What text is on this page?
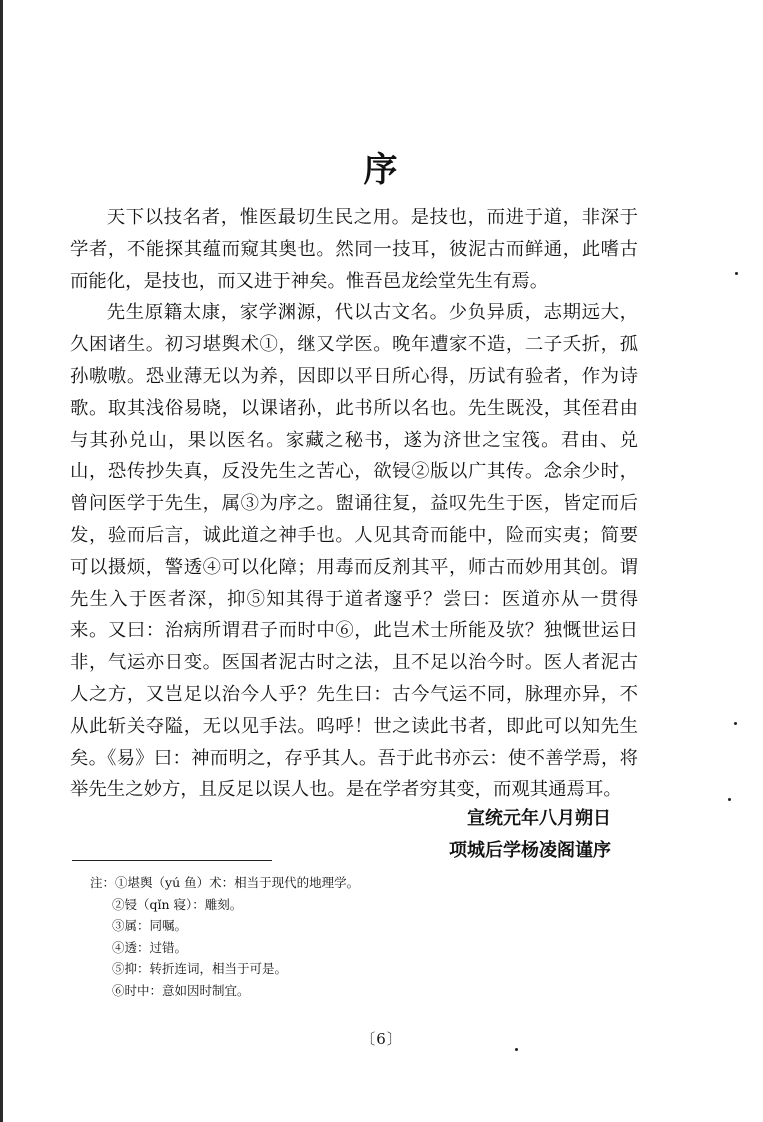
序

天下以技名者，惟医最切生民之用。是技也，而进于道，非深于学者，不能探其蕴而窥其奥也。然同一技耳，彼泥古而鲜通，此嗜古而能化，是技也，而又进于神矣。惟吾邑龙绘堂先生有焉。

先生原籍太康，家学渊源，代以古文名。少负异质，志期远大，久困诸生。初习堪舆术①，继又学医。晚年遭家不造，二子夭折，孤孙嗷嗷。恐业薄无以为养，因即以平日所心得，历试有验者，作为诗歌。取其浅俗易晓，以课诸孙，此书所以名也。先生既没，其侄君由与其孙兑山，果以医名。家藏之秘书，遂为济世之宝筏。君由、兑山，恐传抄失真，反没先生之苦心，欲锓②版以广其传。念余少时，曾问医学于先生，属③为序之。盥诵往复，益叹先生于医，皆定而后发，验而后言，诚此道之神手也。人见其奇而能中，险而实夷；简要可以摄烦，警透④可以化障；用毒而反剂其平，师古而妙用其创。谓先生入于医者深，抑⑤知其得于道者邃乎？尝曰：医道亦从一贯得来。又曰：治病所谓君子而时中⑥，此岂术士所能及欤？独慨世运日非，气运亦日变。医国者泥古时之法，且不足以治今时。医人者泥古人之方，又岂足以治今人乎？先生曰：古今气运不同，脉理亦异，不从此斩关夺隘，无以见手法。呜呼！世之读此书者，即此可以知先生矣。《易》曰：神而明之，存乎其人。吾于此书亦云：使不善学焉，将举先生之妙方，且反足以误人也。是在学者穷其变，而观其通焉耳。

宣统元年八月朔日
项城后学杨凌阁谨序
注：①堪舆（yú 鱼）术：相当于现代的地理学。
②锓（qǐn 寝）：雕刻。
③属：同嘱。
④透：过错。
⑤抑：转折连词，相当于可是。
⑥时中：意如因时制宜。
〔6〕
